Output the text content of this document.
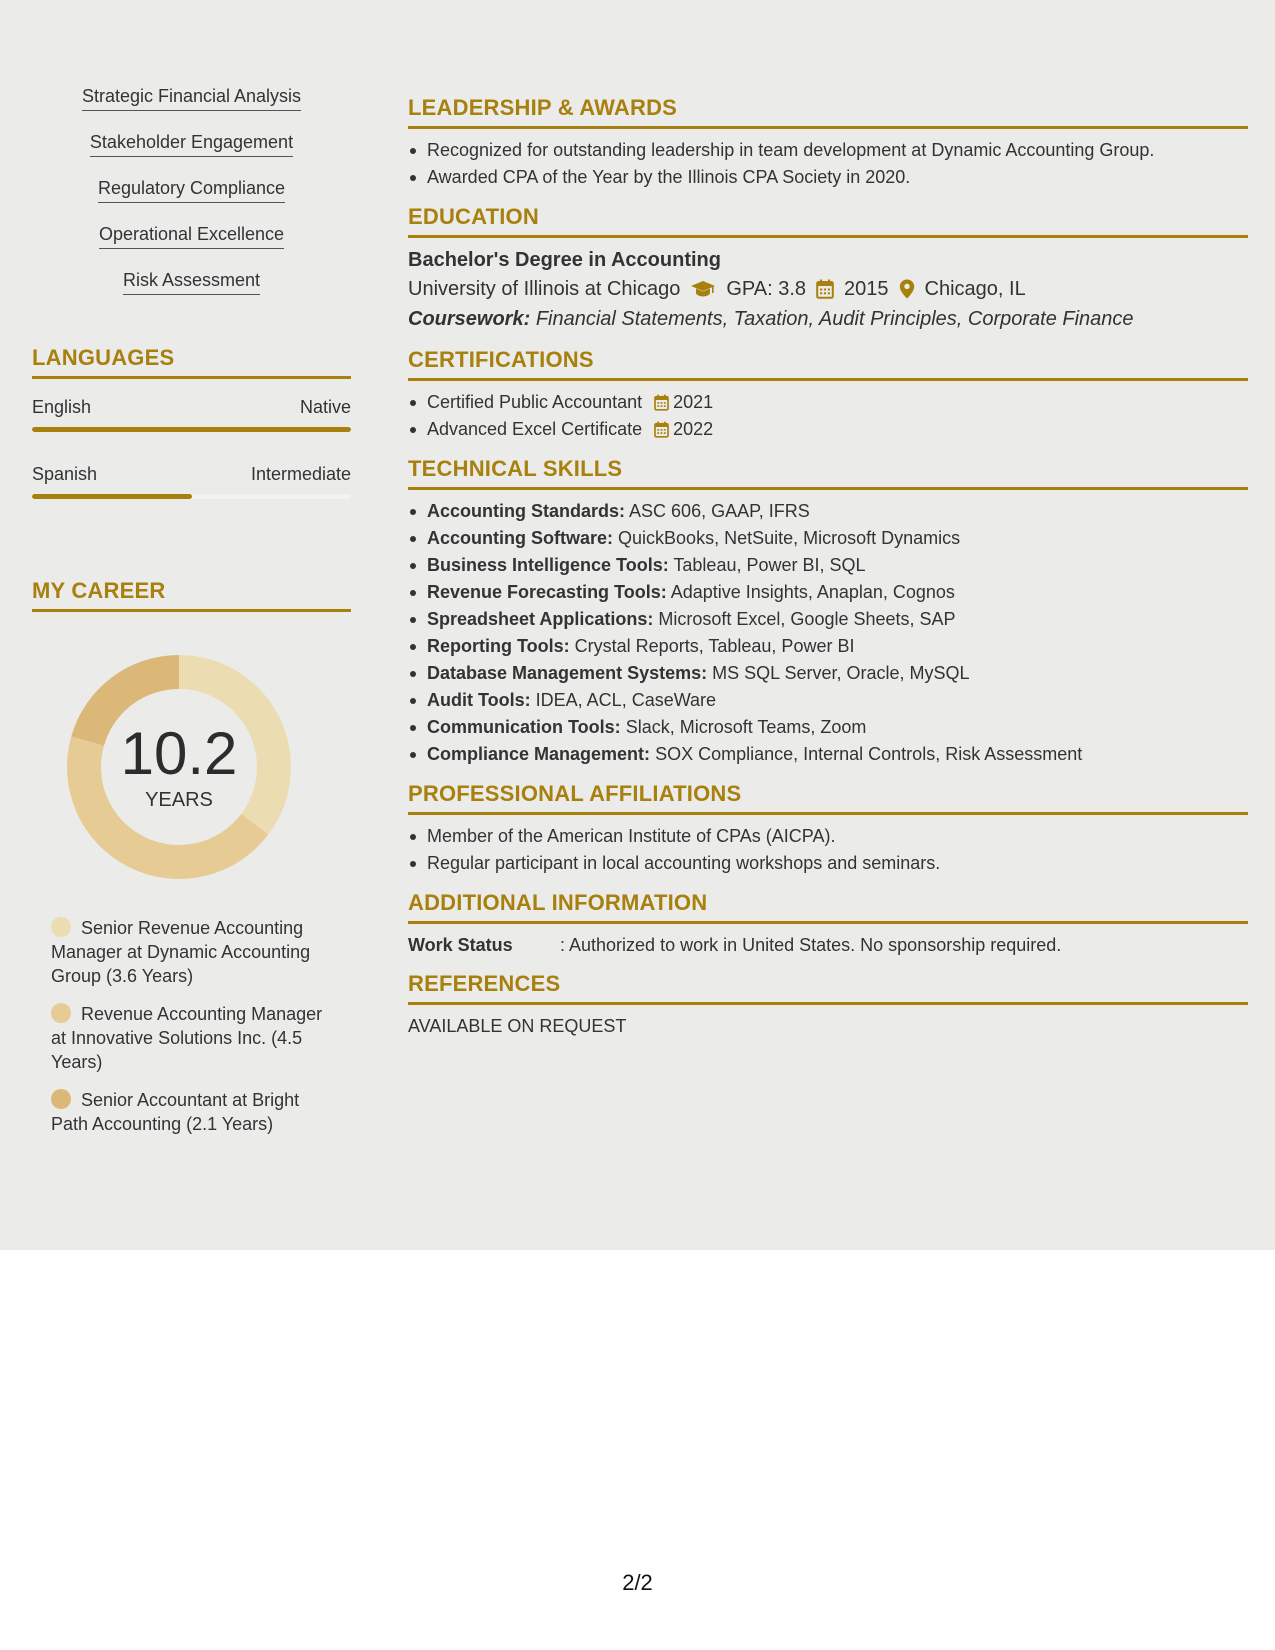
Strategic Financial Analysis
Stakeholder Engagement
Regulatory Compliance
Operational Excellence
Risk Assessment
LANGUAGES
English	Native
Spanish	Intermediate
MY CAREER
10.2
YEARS
Senior Revenue Accounting Manager at Dynamic Accounting Group (3.6 Years)
Revenue Accounting Manager at Innovative Solutions Inc. (4.5 Years)
Senior Accountant at Bright Path Accounting (2.1 Years)
LEADERSHIP & AWARDS
Recognized for outstanding leadership in team development at Dynamic Accounting Group.
Awarded CPA of the Year by the Illinois CPA Society in 2020.
EDUCATION
Bachelor's Degree in Accounting
University of Illinois at Chicago GPA: 3.8 2015 Chicago, IL
Coursework: Financial Statements, Taxation, Audit Principles, Corporate Finance
CERTIFICATIONS
Certified Public Accountant 2021
Advanced Excel Certificate 2022
TECHNICAL SKILLS
Accounting Standards: ASC 606, GAAP, IFRS
Accounting Software: QuickBooks, NetSuite, Microsoft Dynamics
Business Intelligence Tools: Tableau, Power BI, SQL
Revenue Forecasting Tools: Adaptive Insights, Anaplan, Cognos
Spreadsheet Applications: Microsoft Excel, Google Sheets, SAP
Reporting Tools: Crystal Reports, Tableau, Power BI
Database Management Systems: MS SQL Server, Oracle, MySQL
Audit Tools: IDEA, ACL, CaseWare
Communication Tools: Slack, Microsoft Teams, Zoom
Compliance Management: SOX Compliance, Internal Controls, Risk Assessment
PROFESSIONAL AFFILIATIONS
Member of the American Institute of CPAs (AICPA).
Regular participant in local accounting workshops and seminars.
ADDITIONAL INFORMATION
Work Status	: Authorized to work in United States. No sponsorship required.
REFERENCES
AVAILABLE ON REQUEST
2/2
